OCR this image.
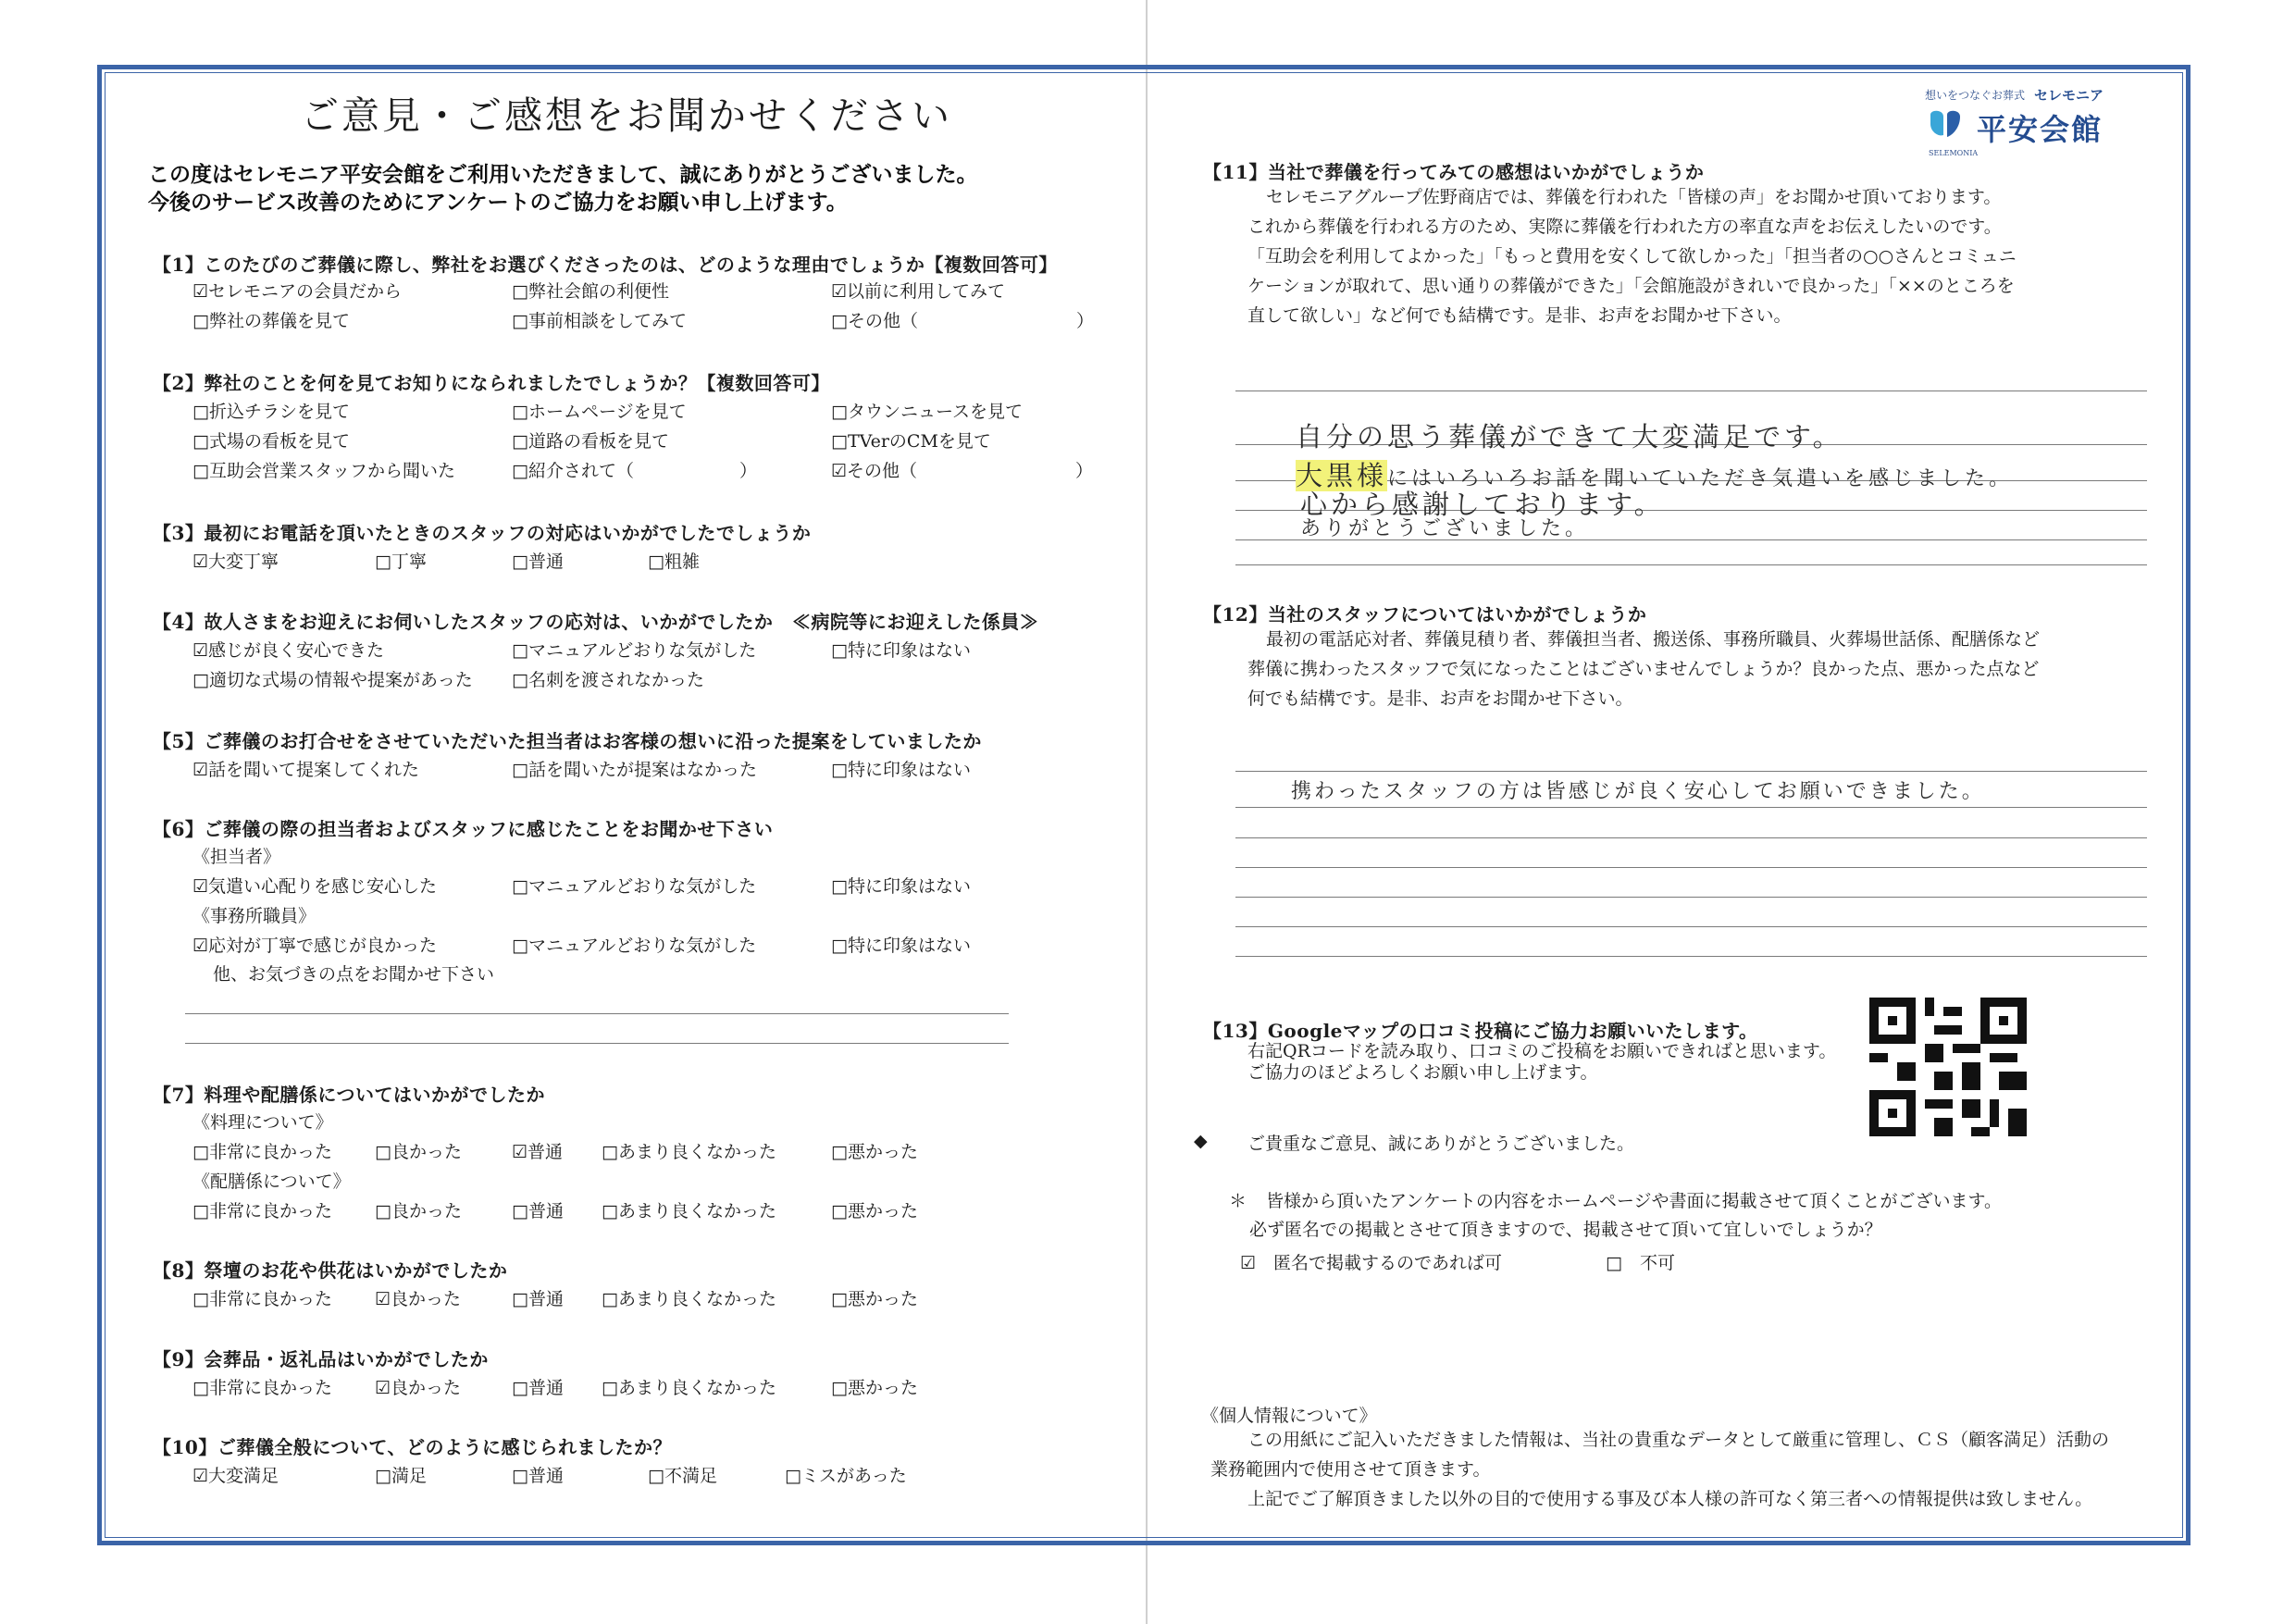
ご意見・ご感想をお聞かせください
この度はセレモニア平安会館をご利用いただきまして、誠にありがとうございました。
今後のサービス改善のためにアンケートのご協力をお願い申し上げます。
【1】このたびのご葬儀に際し、弊社をお選びくださったのは、どのような理由でしょうか【複数回答可】
☑セレモニアの会員だから	□弊社会館の利便性	☑以前に利用してみて
□弊社の葬儀を見て	□事前相談をしてみて	□その他（　　　　　　　　　）
【2】弊社のことを何を見てお知りになられましたでしょうか？【複数回答可】
□折込チラシを見て	□ホームページを見て	□タウンニュースを見て
□式場の看板を見て	□道路の看板を見て	□TVerのCMを見て
□互助会営業スタッフから聞いた	□紹介されて（　　　　　　）	☑その他（　　　　　　　　　）
【3】最初にお電話を頂いたときのスタッフの対応はいかがでしたでしょうか
☑大変丁寧	□丁寧	□普通	□粗雑
【4】故人さまをお迎えにお伺いしたスタッフの応対は、いかがでしたか　≪病院等にお迎えした係員≫
☑感じが良く安心できた	□マニュアルどおりな気がした	□特に印象はない
□適切な式場の情報や提案があった □名刺を渡されなかった
【5】ご葬儀のお打合せをさせていただいた担当者はお客様の想いに沿った提案をしていましたか
☑話を聞いて提案してくれた	□話を聞いたが提案はなかった	□特に印象はない
【6】ご葬儀の際の担当者およびスタッフに感じたことをお聞かせ下さい
《担当者》
☑気遣い心配りを感じ安心した	□マニュアルどおりな気がした	□特に印象はない
《事務所職員》
☑応対が丁寧で感じが良かった	□マニュアルどおりな気がした	□特に印象はない
他、お気づきの点をお聞かせ下さい
【7】料理や配膳係についてはいかがでしたか
《料理について》
□非常に良かった □良かった	☑普通 □あまり良くなかった	□悪かった
《配膳係について》
□非常に良かった □良かった	□普通 □あまり良くなかった	□悪かった
【8】祭壇のお花や供花はいかがでしたか
□非常に良かった ☑良かった	□普通 □あまり良くなかった	□悪かった
【9】会葬品・返礼品はいかがでしたか
□非常に良かった ☑良かった	□普通 □あまり良くなかった	□悪かった
【10】ご葬儀全般について、どのように感じられましたか？
☑大変満足	□満足	□普通	□不満足	□ミスがあった
想いをつなぐお葬式 セレモニア
平安会館
SELEMONIA
【11】当社で葬儀を行ってみての感想はいかがでしょうか
セレモニアグループ佐野商店では、葬儀を行われた「皆様の声」をお聞かせ頂いております。
これから葬儀を行われる方のため、実際に葬儀を行われた方の率直な声をお伝えしたいのです。
「互助会を利用してよかった」「もっと費用を安くして欲しかった」「担当者の○○さんとコミュニ
ケーションが取れて、思い通りの葬儀ができた」「会館施設がきれいで良かった」「××のところを
直して欲しい」など何でも結構です。是非、お声をお聞かせ下さい。
自分の思う葬儀ができて大変満足です。
大黒様にはいろいろお話を聞いていただき気遣いを感じました。
心から感謝しております。
ありがとうございました。
【12】当社のスタッフについてはいかがでしょうか
最初の電話応対者、葬儀見積り者、葬儀担当者、搬送係、事務所職員、火葬場世話係、配膳係など
葬儀に携わったスタッフで気になったことはございませんでしょうか？良かった点、悪かった点など
何でも結構です。是非、お声をお聞かせ下さい。
携わったスタッフの方は皆感じが良く安心してお願いできました。
【13】Googleマップの口コミ投稿にご協力お願いいたします。
右記QRコードを読み取り、口コミのご投稿をお願いできればと思います。
ご協力のほどよろしくお願い申し上げます。
◆ ご貴重なご意見、誠にありがとうございました。
＊ 皆様から頂いたアンケートの内容をホームページや書面に掲載させて頂くことがございます。
必ず匿名での掲載とさせて頂きますので、掲載させて頂いて宜しいでしょうか？
☑　匿名で掲載するのであれば可	□　不可
《個人情報について》
この用紙にご記入いただきました情報は、当社の貴重なデータとして厳重に管理し、ＣＳ（顧客満足）活動の
業務範囲内で使用させて頂きます。
上記でご了解頂きました以外の目的で使用する事及び本人様の許可なく第三者への情報提供は致しません。
